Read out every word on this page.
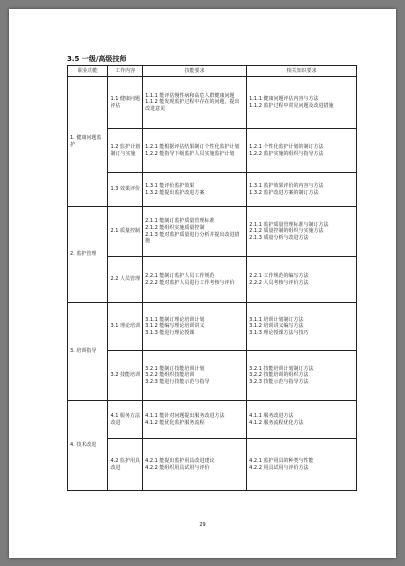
3.5 一级/高级技师
职业功能	工作内容	技能要求	相关知识要求
1. 健康问题监护	1.1 健康问题评估	1.1.1 能评估慢性病和高危人群健康问题
1.1.2 能发现监护过程中存在的问题，提出改进意见	1.1.1 健康问题评估内容与方法
1.1.2 监护过程中常见问题及改进措施

	1.2 监护计划制订与实施	1.2.1 能根据评估结果制订个性化监护计划
1.2.2 能指导下级监护人员实施监护计划	1.2.1 个性化监护计划的制订方法
1.2.2 监护实施的组织与指导方法

	1.3 效果评价	1.3.1 能评价监护效果
1.3.2 能提出监护改进方案	1.3.1 监护效果评价的内容与方法
1.3.2 监护改进方案的制订方法

2. 监护管理	2.1 质量控制	2.1.1 能制订监护质量管理标准
2.1.2 能组织实施质量控制
2.1.3 能对监护质量进行分析并提出改进措施	2.1.1 监护质量管理标准与制订方法
2.1.2 质量控制的组织与实施方法
2.1.3 质量分析与改进方法

	2.2 人员管理	2.2.1 能制订监护人员工作规范
2.2.2 能对监护人员进行工作考核与评价	2.2.1 工作规范的编写方法
2.2.2 人员考核与评价方法

3. 培训指导	3.1 理论培训	3.1.1 能制订理论培训计划
3.1.2 能编写理论培训讲义
3.1.3 能进行理论授课	3.1.1 培训计划制订方法
3.1.2 培训讲义编写方法
3.1.3 理论授课方法与技巧

	3.2 技能培训	3.2.1 能制订技能培训计划
3.2.2 能组织技能培训
3.2.3 能进行技能示范与指导	3.2.1 技能培训计划制订方法
3.2.2 技能培训的组织方法
3.2.3 技能示范与指导方法

4. 技术改进	4.1 服务方法改进	4.1.1 能针对问题提出服务改进方法
4.1.2 能优化监护服务流程	4.1.1 服务改进方法
4.1.2 服务流程优化方法

	4.2 监护用具改进	4.2.1 能提出监护用具改进建议
4.2.2 能组织用具试用与评价	4.2.1 监护用具的种类与性能
4.2.2 用具试用与评价方法
29
